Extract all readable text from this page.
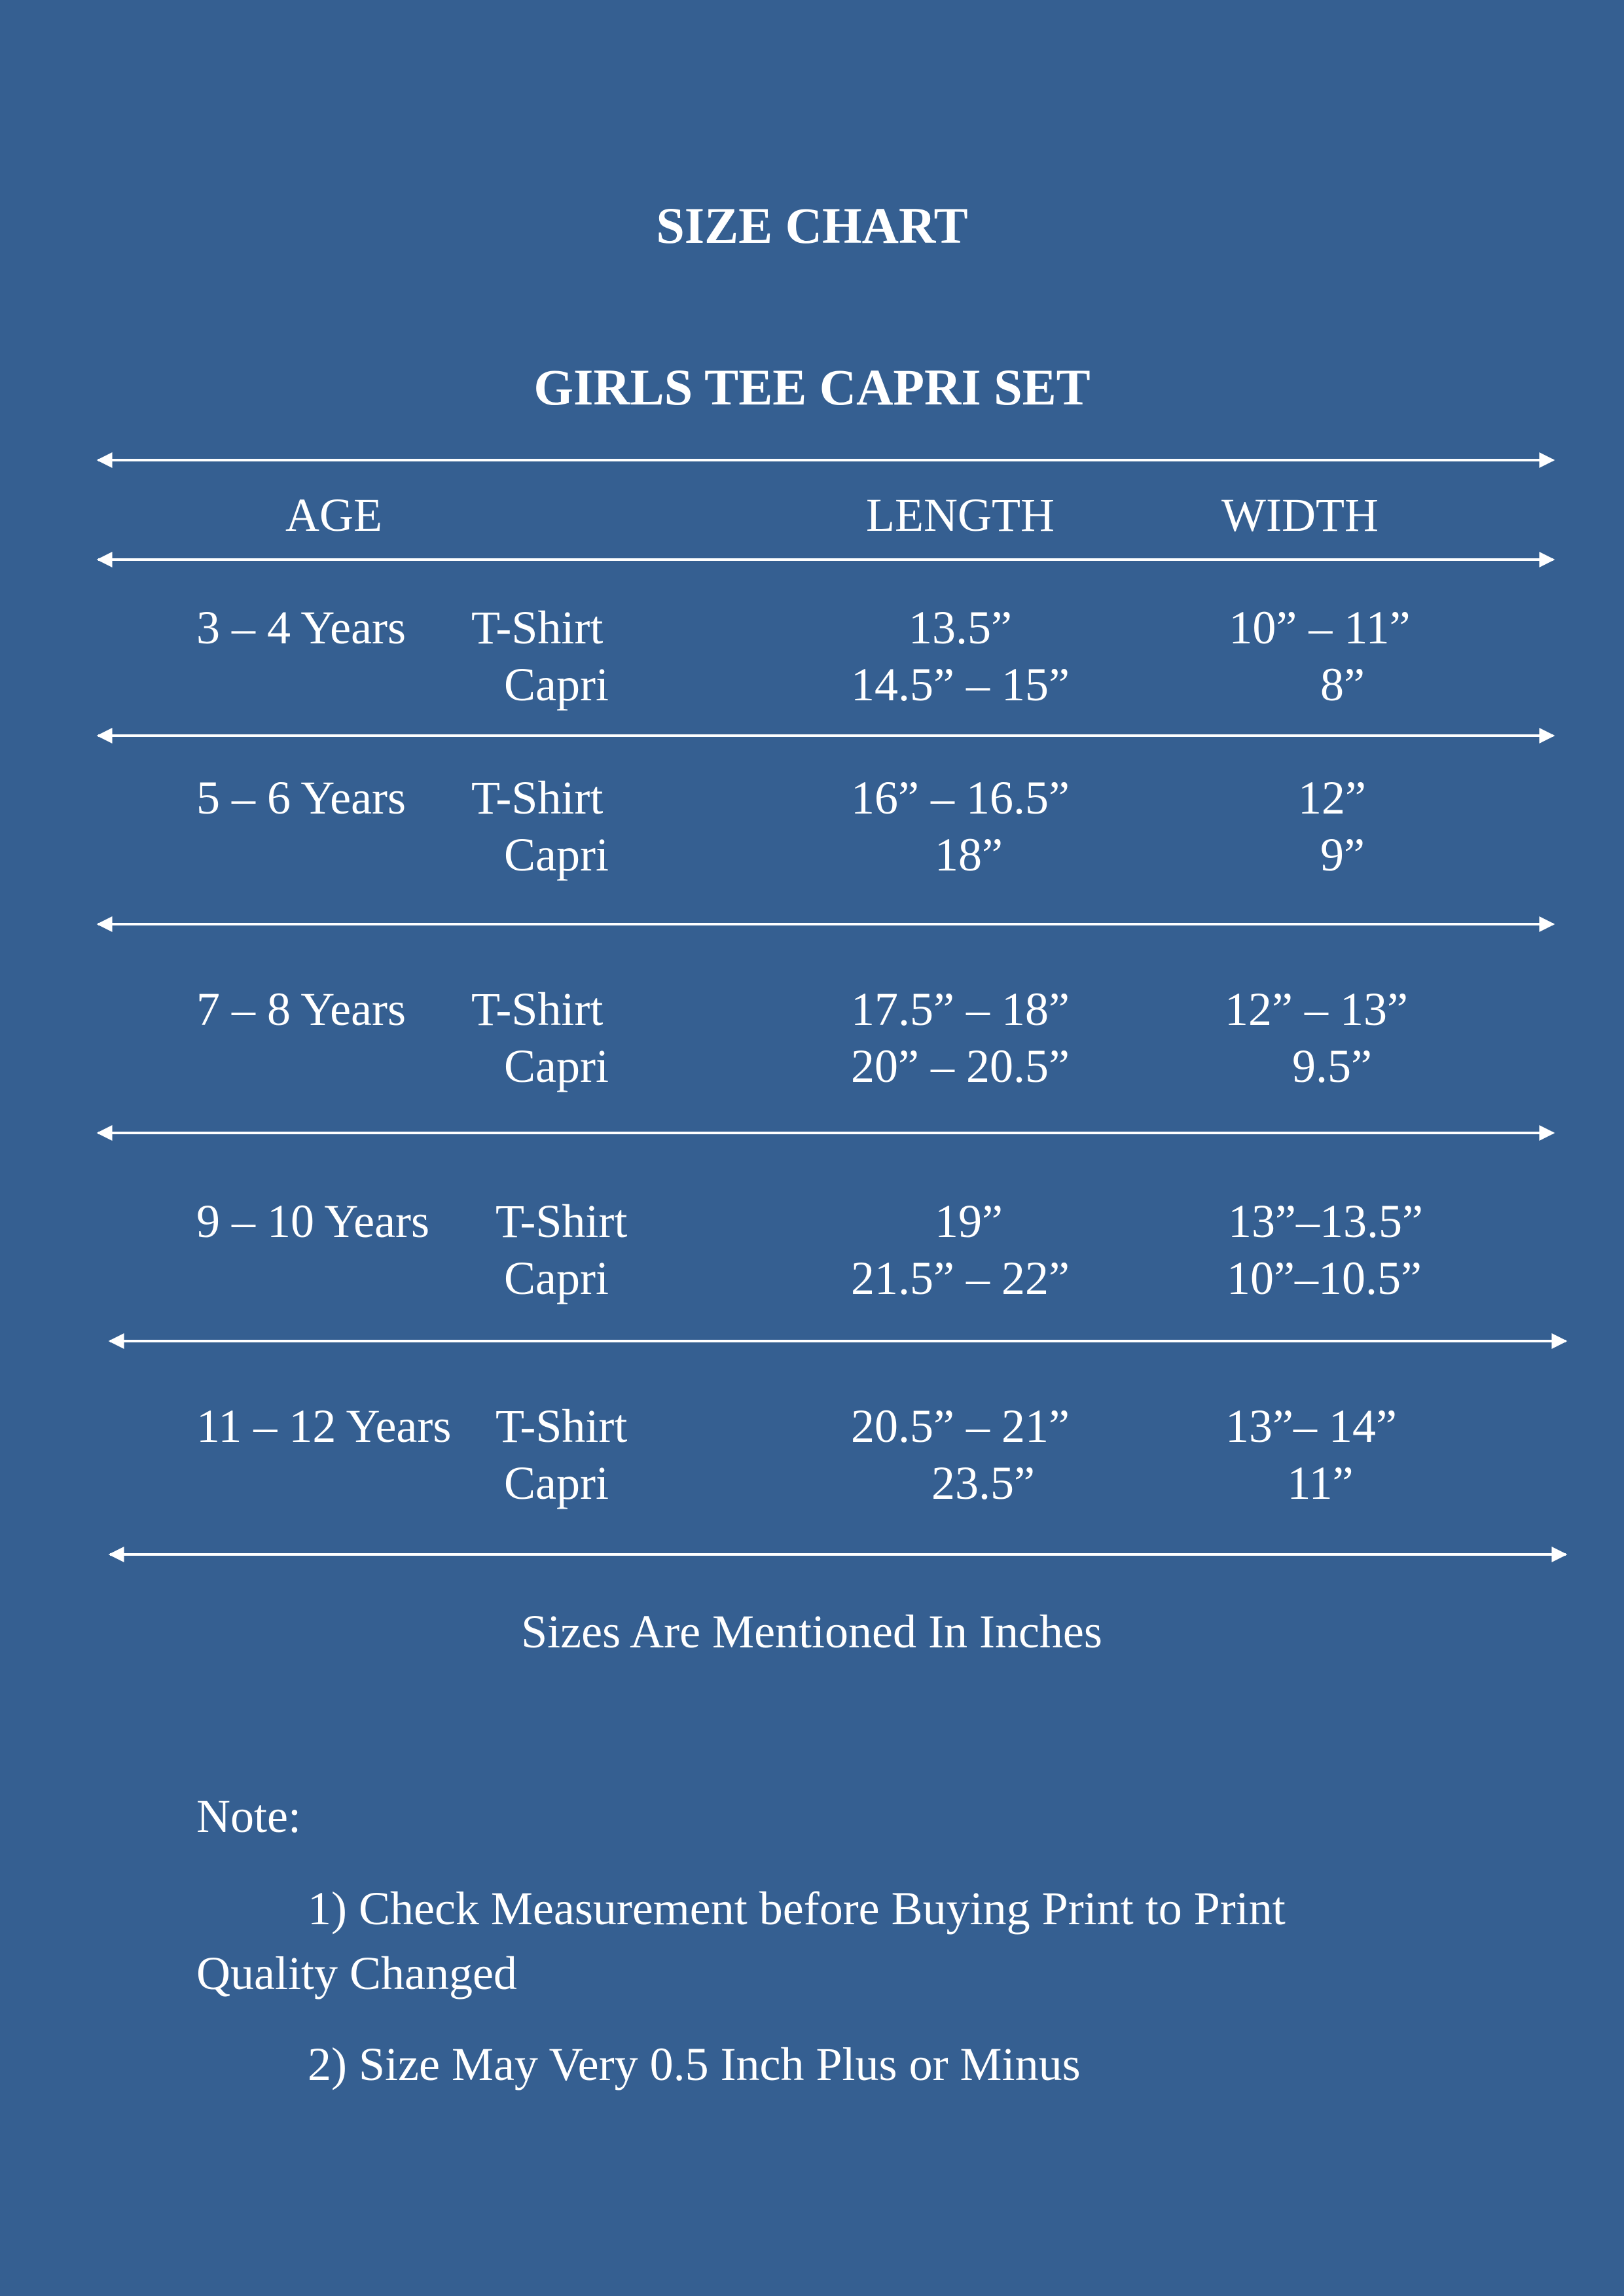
SIZE CHART
GIRLS TEE CAPRI SET
AGE	LENGTH	WIDTH
3 – 4 Years T-Shirt	13.5”	10” – 11”
Capri	14.5” – 15”	8”
5 – 6 Years T-Shirt	16” – 16.5”	12”
Capri	18”	9”
7 – 8 Years T-Shirt	17.5” – 18”	12” – 13”
Capri	20” – 20.5”	9.5”
9 – 10 Years T-Shirt	19”	13”–13.5”
Capri	21.5” – 22”	10”–10.5”
11 – 12 Years T-Shirt	20.5” – 21”	13”– 14”
Capri	23.5”	11”
Sizes Are Mentioned In Inches
Note:
1) Check Measurement before Buying Print to Print
Quality Changed
2) Size May Very 0.5 Inch Plus or Minus
